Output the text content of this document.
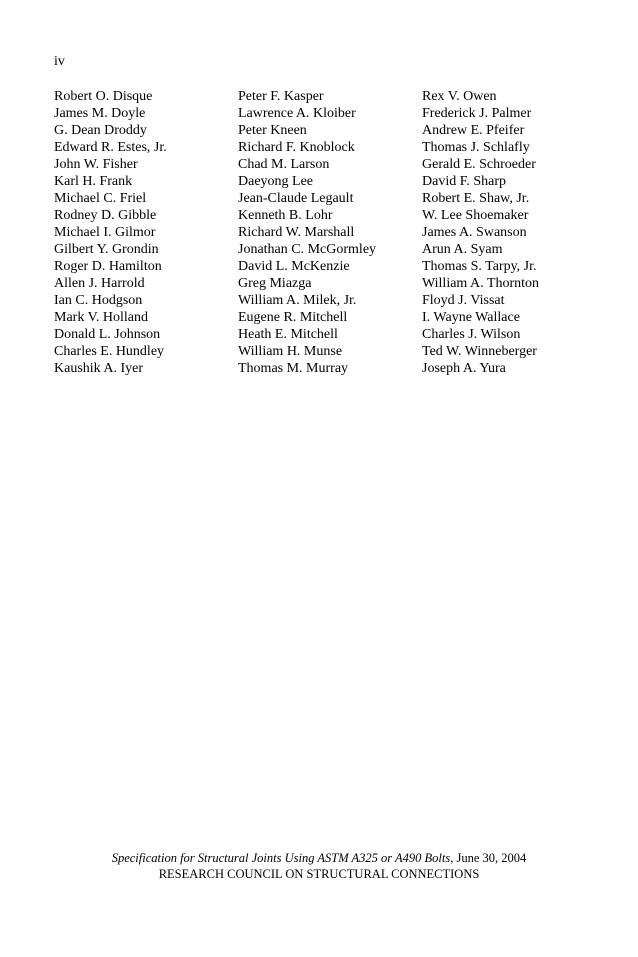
iv
Robert O. Disque
James M. Doyle
G. Dean Droddy
Edward R. Estes, Jr.
John W. Fisher
Karl H. Frank
Michael C. Friel
Rodney D. Gibble
Michael I. Gilmor
Gilbert Y. Grondin
Roger D. Hamilton
Allen J. Harrold
Ian C. Hodgson
Mark V. Holland
Donald L. Johnson
Charles E. Hundley
Kaushik A. Iyer
Peter F. Kasper
Lawrence A. Kloiber
Peter Kneen
Richard F. Knoblock
Chad M. Larson
Daeyong Lee
Jean-Claude Legault
Kenneth B. Lohr
Richard W. Marshall
Jonathan C. McGormley
David L. McKenzie
Greg Miazga
William A. Milek, Jr.
Eugene R. Mitchell
Heath E. Mitchell
William H. Munse
Thomas M. Murray
Rex V. Owen
Frederick J. Palmer
Andrew E. Pfeifer
Thomas J. Schlafly
Gerald E. Schroeder
David F. Sharp
Robert E. Shaw, Jr.
W. Lee Shoemaker
James A. Swanson
Arun A. Syam
Thomas S. Tarpy, Jr.
William A. Thornton
Floyd J. Vissat
I. Wayne Wallace
Charles J. Wilson
Ted W. Winneberger
Joseph A. Yura
Specification for Structural Joints Using ASTM A325 or A490 Bolts, June 30, 2004
RESEARCH COUNCIL ON STRUCTURAL CONNECTIONS
